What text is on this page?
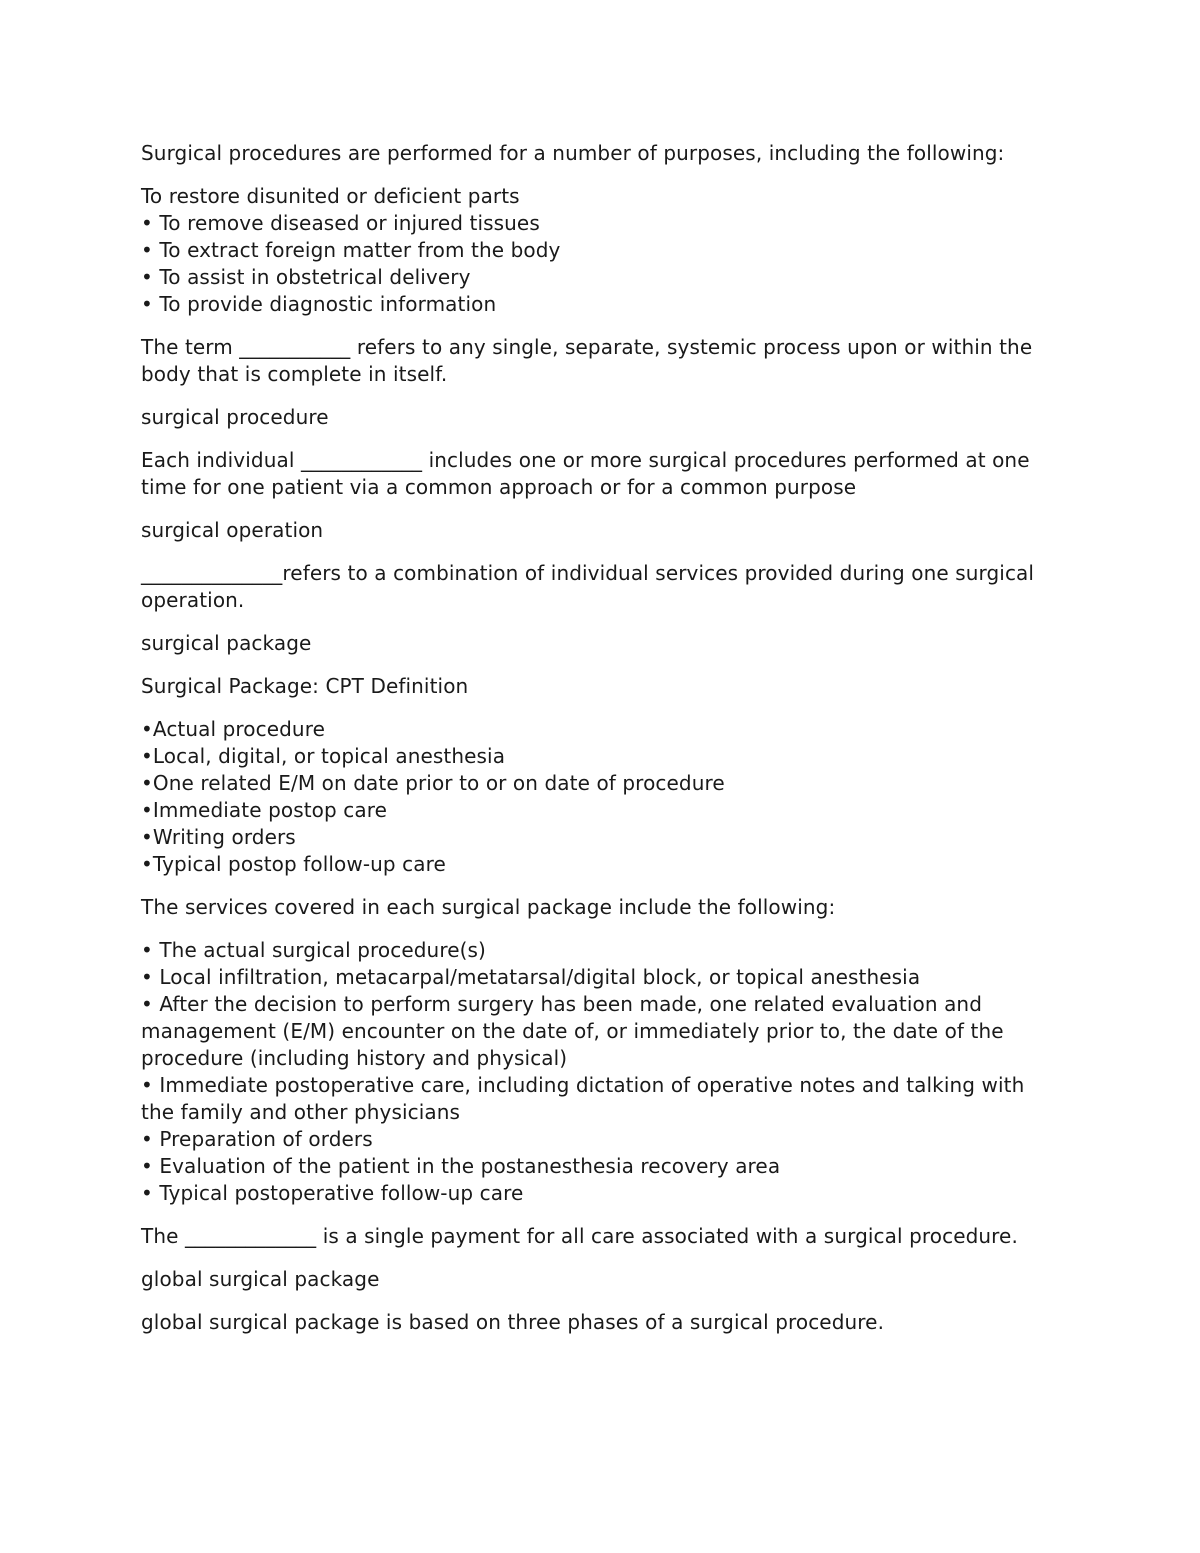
Surgical procedures are performed for a number of purposes, including the following:

To restore disunited or deficient parts
• To remove diseased or injured tissues
• To extract foreign matter from the body
• To assist in obstetrical delivery
• To provide diagnostic information

The term ___________ refers to any single, separate, systemic process upon or within the body that is complete in itself.

surgical procedure

Each individual ____________ includes one or more surgical procedures performed at one time for one patient via a common approach or for a common purpose

surgical operation

______________refers to a combination of individual services provided during one surgical operation.

surgical package

Surgical Package: CPT Definition

•Actual procedure
•Local, digital, or topical anesthesia
•One related E/M on date prior to or on date of procedure
•Immediate postop care
•Writing orders
•Typical postop follow-up care

The services covered in each surgical package include the following:

• The actual surgical procedure(s)
• Local infiltration, metacarpal/metatarsal/digital block, or topical anesthesia
• After the decision to perform surgery has been made, one related evaluation and management (E/M) encounter on the date of, or immediately prior to, the date of the procedure (including history and physical)
• Immediate postoperative care, including dictation of operative notes and talking with the family and other physicians
• Preparation of orders
• Evaluation of the patient in the postanesthesia recovery area
• Typical postoperative follow-up care

The _____________ is a single payment for all care associated with a surgical procedure.

global surgical package

global surgical package is based on three phases of a surgical procedure.
